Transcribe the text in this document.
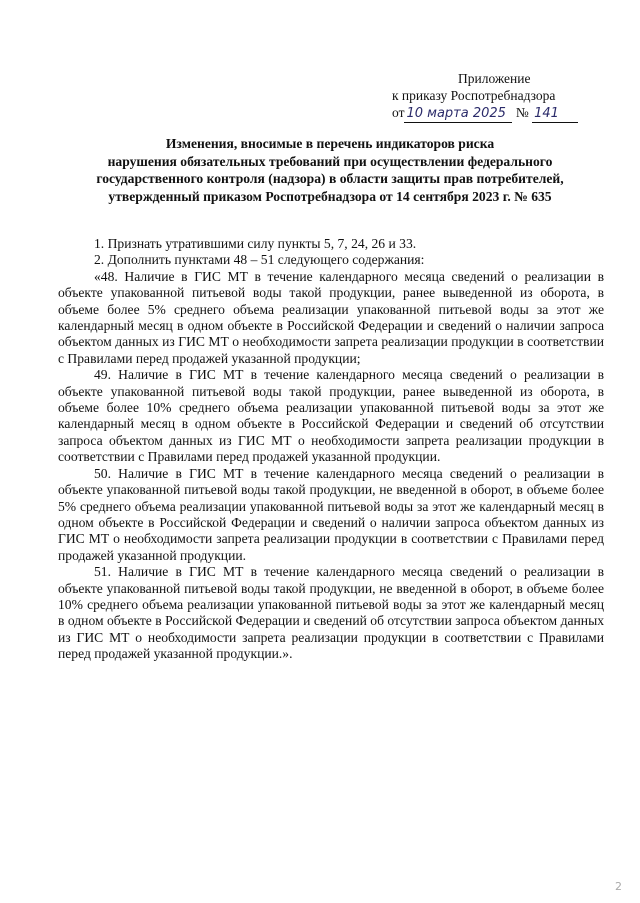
Приложение
к приказу Роспотребнадзора
от 10 марта 2025 № 141
Изменения, вносимые в перечень индикаторов риска
нарушения обязательных требований при осуществлении федерального
государственного контроля (надзора) в области защиты прав потребителей,
утвержденный приказом Роспотребнадзора от 14 сентября 2023 г. № 635

1. Признать утратившими силу пункты 5, 7, 24, 26 и 33.

2. Дополнить пунктами 48 – 51 следующего содержания:

«48. Наличие в ГИС МТ в течение календарного месяца сведений о реализации в объекте упакованной питьевой воды такой продукции, ранее выведенной из оборота, в объеме более 5% среднего объема реализации упакованной питьевой воды за этот же календарный месяц в одном объекте в Российской Федерации и сведений о наличии запроса объектом данных из ГИС МТ о необходимости запрета реализации продукции в соответствии с Правилами перед продажей указанной продукции;

49. Наличие в ГИС МТ в течение календарного месяца сведений о реализации в объекте упакованной питьевой воды такой продукции, ранее выведенной из оборота, в объеме более 10% среднего объема реализации упакованной питьевой воды за этот же календарный месяц в одном объекте в Российской Федерации и сведений об отсутствии запроса объектом данных из ГИС МТ о необходимости запрета реализации продукции в соответствии с Правилами перед продажей указанной продукции.

50. Наличие в ГИС МТ в течение календарного месяца сведений о реализации в объекте упакованной питьевой воды такой продукции, не введенной в оборот, в объеме более 5% среднего объема реализации упакованной питьевой воды за этот же календарный месяц в одном объекте в Российской Федерации и сведений о наличии запроса объектом данных из ГИС МТ о необходимости запрета реализации продукции в соответствии с Правилами перед продажей указанной продукции.

51. Наличие в ГИС МТ в течение календарного месяца сведений о реализации в объекте упакованной питьевой воды такой продукции, не введенной в оборот, в объеме более 10% среднего объема реализации упакованной питьевой воды за этот же календарный месяц в одном объекте в Российской Федерации и сведений об отсутствии запроса объектом данных из ГИС МТ о необходимости запрета реализации продукции в соответствии с Правилами перед продажей указанной продукции.».

2
